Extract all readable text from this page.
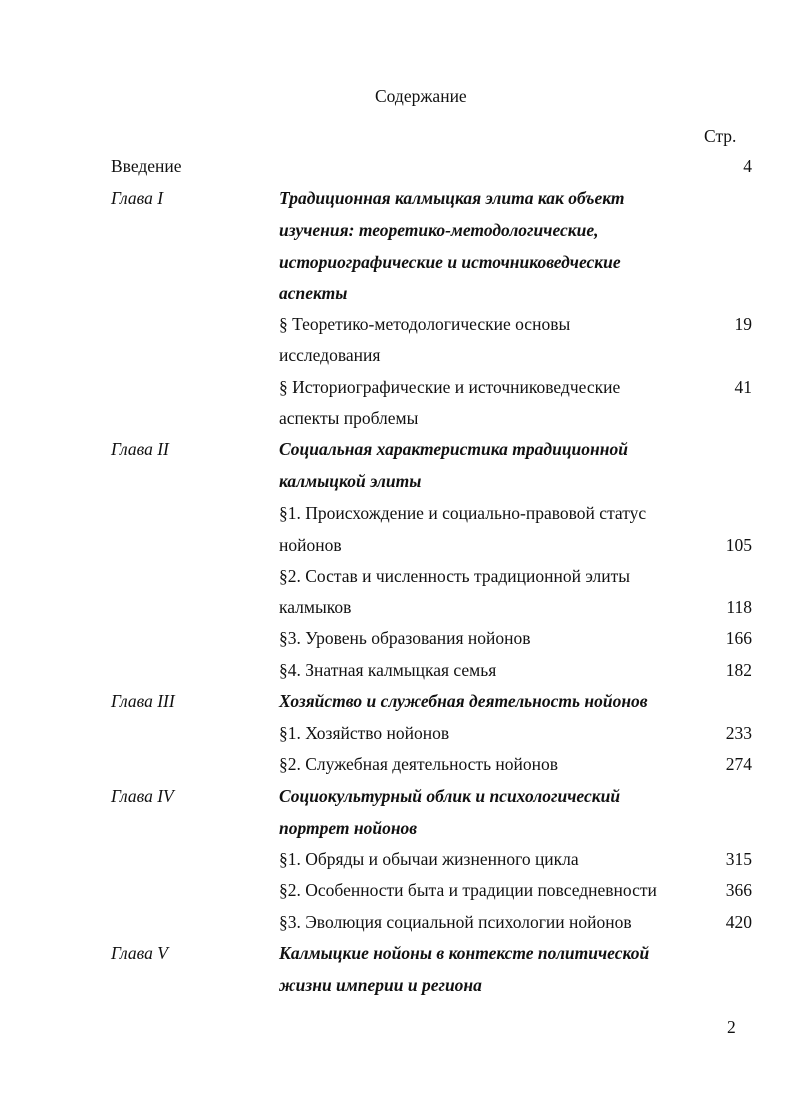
Содержание
Стр.
Введение	4
Глава I	Традиционная калмыцкая элита как объект
изучения: теоретико-методологические,
историографические и источниковедческие
аспекты
§ Теоретико-методологические основы	19
исследования
§ Историографические и источниковедческие	41
аспекты проблемы
Глава II	Социальная характеристика традиционной
калмыцкой элиты
§1. Происхождение и социально-правовой статус
нойонов	105
§2. Состав и численность традиционной элиты
калмыков	118
§3. Уровень образования нойонов	166
§4. Знатная калмыцкая семья	182
Глава III	Хозяйство и служебная деятельность нойонов
§1. Хозяйство нойонов	233
§2. Служебная деятельность нойонов	274
Глава IV	Социокультурный облик и психологический
портрет нойонов
§1. Обряды и обычаи жизненного цикла	315
§2. Особенности быта и традиции повседневности	366
§3. Эволюция социальной психологии нойонов	420
Глава V	Калмыцкие нойоны в контексте политической
жизни империи и региона
2
